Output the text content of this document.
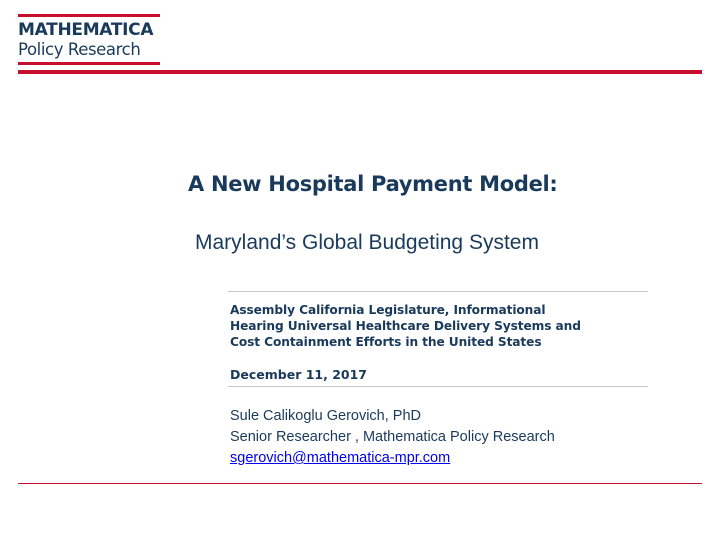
MATHEMATICA
Policy Research
A New Hospital Payment Model:
Maryland’s Global Budgeting System
Assembly California Legislature, Informational
Hearing Universal Healthcare Delivery Systems and
Cost Containment Efforts in the United States
December 11, 2017
Sule Calikoglu Gerovich, PhD
Senior Researcher , Mathematica Policy Research
sgerovich@mathematica-mpr.com
